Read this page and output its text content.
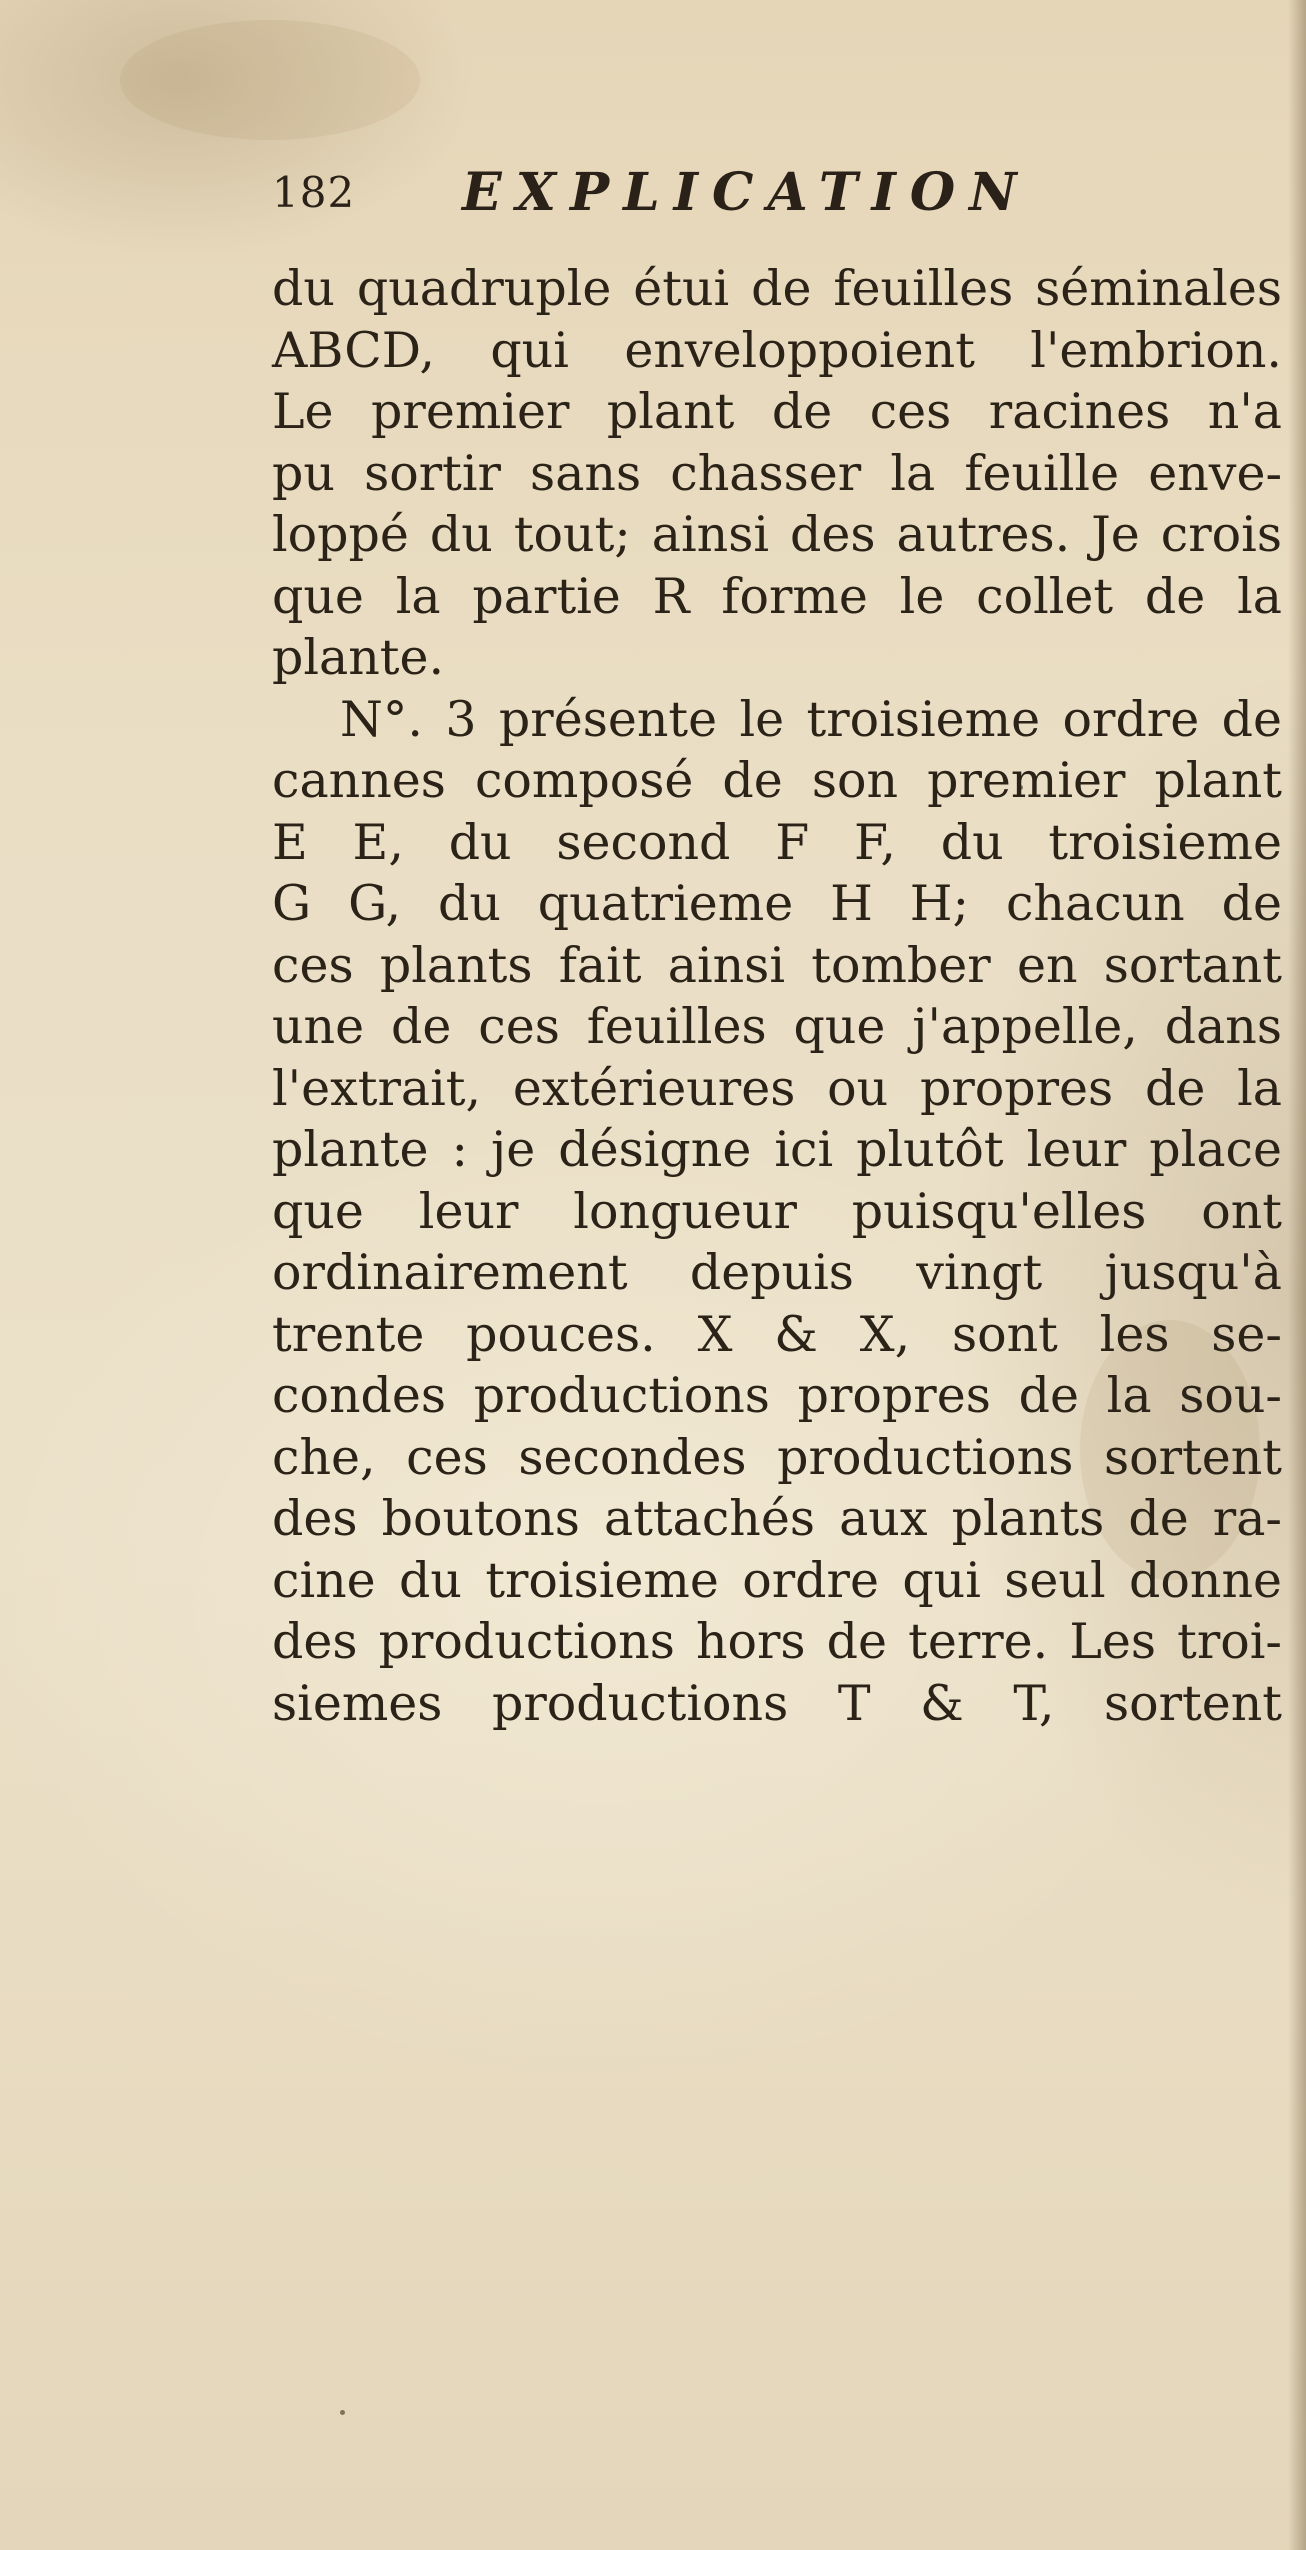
182 EXPLICATION
du quadruple étui de feuilles séminales
ABCD, qui enveloppoient l'embrion.
Le premier plant de ces racines n'a
pu sortir sans chasser la feuille enve-
loppé du tout; ainsi des autres. Je crois
que la partie R forme le collet de la
plante.
N°. 3 présente le troisieme ordre de
cannes composé de son premier plant
E E, du second F F, du troisieme
G G, du quatrieme H H; chacun de
ces plants fait ainsi tomber en sortant
une de ces feuilles que j'appelle, dans
l'extrait, extérieures ou propres de la
plante : je désigne ici plutôt leur place
que leur longueur puisqu'elles ont
ordinairement depuis vingt jusqu'à
trente pouces. X & X, sont les se-
condes productions propres de la sou-
che, ces secondes productions sortent
des boutons attachés aux plants de ra-
cine du troisieme ordre qui seul donne
des productions hors de terre. Les troi-
siemes productions T & T, sortent
